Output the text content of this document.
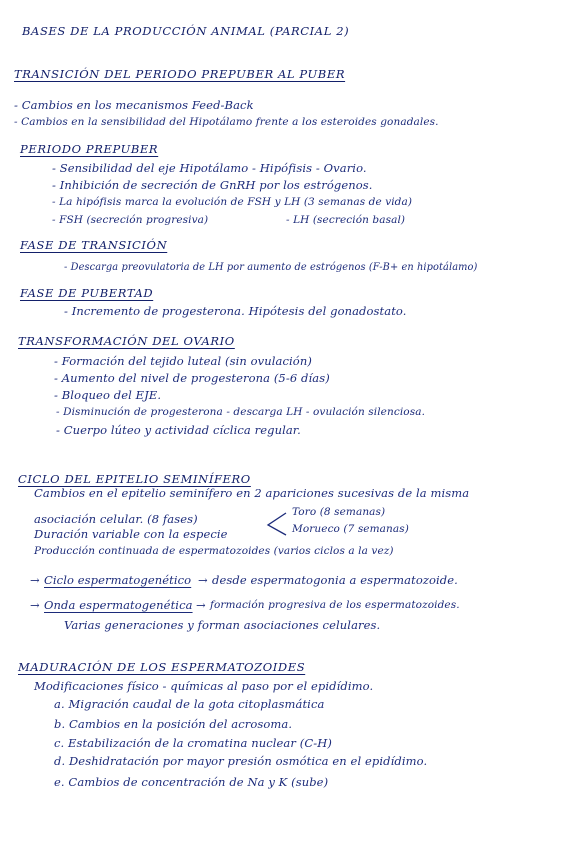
BASES DE LA PRODUCCIÓN ANIMAL (PARCIAL 2)
TRANSICIÓN DEL PERIODO PREPUBER AL PUBER
- Cambios en los mecanismos Feed-Back
- Cambios en la sensibilidad del Hipotálamo frente a los esteroides gonadales.
PERIODO PREPUBER
- Sensibilidad del eje Hipotálamo - Hipófisis - Ovario.
- Inhibición de secreción de GnRH por los estrógenos.
- La hipófisis marca la evolución de FSH y LH (3 semanas de vida)
- FSH (secreción progresiva)	- LH (secreción basal)
FASE DE TRANSICIÓN
- Descarga preovulatoria de LH por aumento de estrógenos (F-B+ en hipotálamo)
FASE DE PUBERTAD
- Incremento de progesterona. Hipótesis del gonadostato.
TRANSFORMACIÓN DEL OVARIO
- Formación del tejido luteal (sin ovulación)
- Aumento del nivel de progesterona (5-6 días)
- Bloqueo del EJE.
- Disminución de progesterona - descarga LH - ovulación silenciosa.
- Cuerpo lúteo y actividad cíclica regular.
CICLO DEL EPITELIO SEMINÍFERO
Cambios en el epitelio seminífero en 2 apariciones sucesivas de la misma
asociación celular. (8 fases)
Duración variable con la especie
Toro (8 semanas)
Morueco (7 semanas)
Producción continuada de espermatozoides (varios ciclos a la vez)
→ Ciclo espermatogenético → desde espermatogonia a espermatozoide.
→ Onda espermatogenética → formación progresiva de los espermatozoides.
Varias generaciones y forman asociaciones celulares.
MADURACIÓN DE LOS ESPERMATOZOIDES
Modificaciones físico - químicas al paso por el epidídimo.
a. Migración caudal de la gota citoplasmática
b. Cambios en la posición del acrosoma.
c. Estabilización de la cromatina nuclear (C-H)
d. Deshidratación por mayor presión osmótica en el epidídimo.
e. Cambios de concentración de Na y K (sube)
